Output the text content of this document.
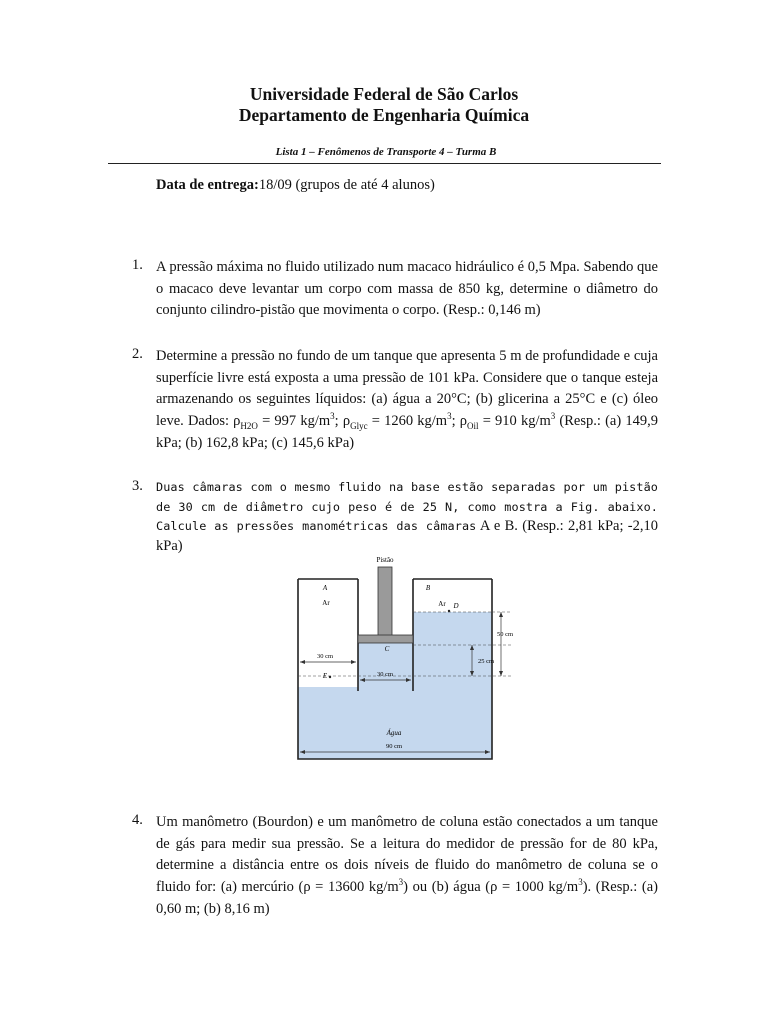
Universidade Federal de São Carlos
Departamento de Engenharia Química
Lista 1 – Fenômenos de Transporte 4 – Turma B
Data de entrega:18/09 (grupos de até 4 alunos)
1. A pressão máxima no fluido utilizado num macaco hidráulico é 0,5 Mpa. Sabendo que o macaco deve levantar um corpo com massa de 850 kg, determine o diâmetro do conjunto cilindro-pistão que movimenta o corpo. (Resp.: 0,146 m)
2. Determine a pressão no fundo de um tanque que apresenta 5 m de profundidade e cuja superfície livre está exposta a uma pressão de 101 kPa. Considere que o tanque esteja armazenando os seguintes líquidos: (a) água a 20°C; (b) glicerina a 25°C e (c) óleo leve. Dados: $\rho_{H2O} = 997$ $kg/m^3$; $\rho_{Glyc} = 1260$ $kg/m^3$; $\rho_{Oil} = 910$ $kg/m^3$ (Resp.: (a) 149,9 kPa; (b) 162,8 kPa; (c) 145,6 kPa)
3. Duas câmaras com o mesmo fluido na base estão separadas por um pistão de 30 cm de diâmetro cujo peso é de 25 N, como mostra a Fig. abaixo. Calcule as pressões manométricas das câmaras A e B. (Resp.: 2,81 kPa; -2,10 kPa)
Pistão
A
Ar
B
Ar D
C
30 cm
E	30 cm
50 cm
25 cm
Água
90 cm
4. Um manômetro (Bourdon) e um manômetro de coluna estão conectados a um tanque de gás para medir sua pressão. Se a leitura do medidor de pressão for de 80 kPa, determine a distância entre os dois níveis de fluido do manômetro de coluna se o fluido for: (a) mercúrio (ρ = 13600 $kg/m^3$) ou (b) água (ρ = 1000 $kg/m^3$). (Resp.: (a) 0,60 m; (b) 8,16 m)
